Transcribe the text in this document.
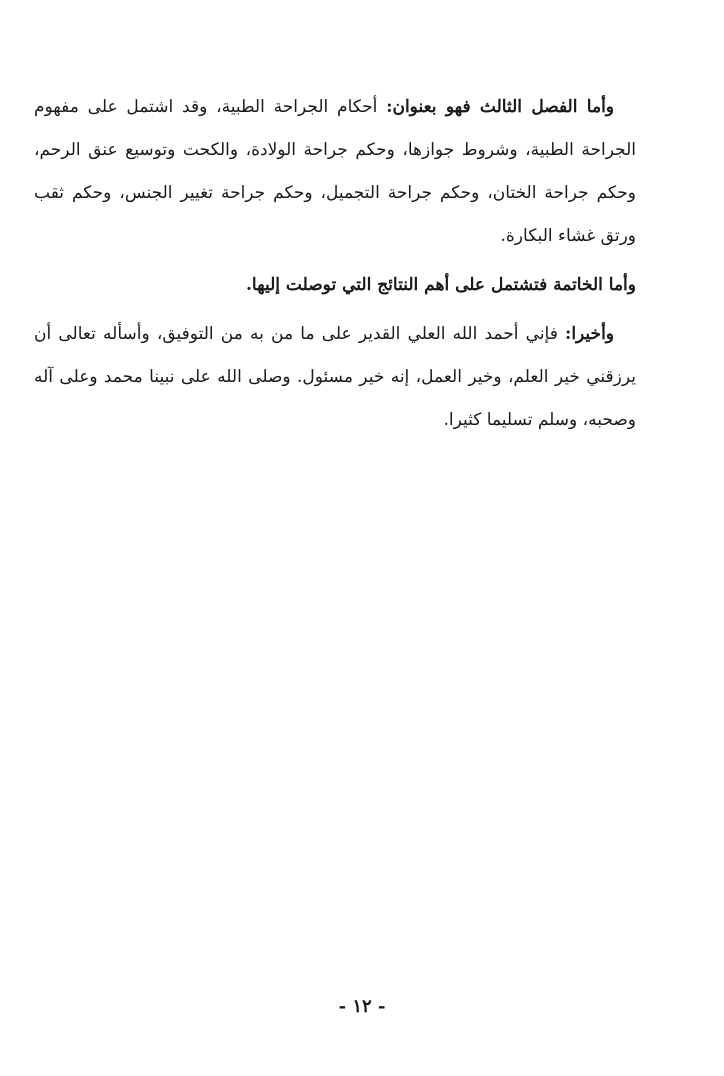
وأما الفصل الثالث فهو بعنوان: أحكام الجراحة الطبية، وقد اشتمل على مفهوم الجراحة الطبية، وشروط جوازها، وحكم جراحة الولادة، والكحت وتوسيع عنق الرحم، وحكم جراحة الختان، وحكم جراحة التجميل، وحكم جراحة تغيير الجنس، وحكم ثقب ورتق غشاء البكارة.

وأما الخاتمة فتشتمل على أهم النتائج التي توصلت إليها.

وأخيرا: فإني أحمد الله العلي القدير على ما من به من التوفيق، وأسأله تعالى أن يرزقني خير العلم، وخير العمل، إنه خير مسئول. وصلى الله على نبينا محمد وعلى آله وصحبه، وسلم تسليما كثيرا.

- ١٢ -
